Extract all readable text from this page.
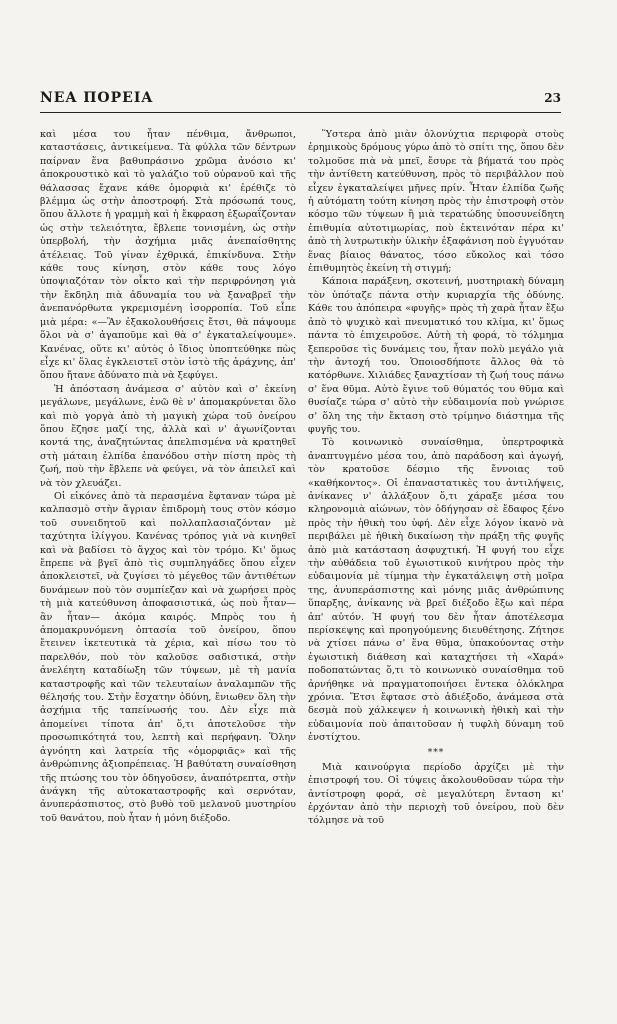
ΝΕΑ ΠΟΡΕΙΑ	23

καὶ μέσα του ἦταν πένθιμα, ἄνθρωποι, καταστάσεις, ἀντικείμενα. Τὰ φύλλα τῶν δέντρων παίρναν ἕνα βαθυπράσινο χρῶμα ἀνόσιο κι' ἀποκρουστικὸ καὶ τὸ γαλάζιο τοῦ οὐρανοῦ καὶ τῆς θάλασσας ἔχανε κάθε ὁμορφιὰ κι' ἐρέθιζε τὸ βλέμμα ὡς στὴν ἀποστροφή. Στὰ πρόσωπά τους, ὅπου ἄλλοτε ἡ γραμμὴ καὶ ἡ ἔκφραση ἐξωραΐζονταν ὡς στὴν τελειότητα, ἔβλεπε τονισμένη, ὡς στὴν ὑπερβολή, τὴν ἀσχήμια μιᾶς ἀνεπαίσθητης ἀτέλειας. Τοῦ γίναν ἐχθρικά, ἐπικίνδυνα. Στὴν κάθε τους κίνηση, στὸν κάθε τους λόγο ὑποψιαζόταν τὸν οἶκτο καὶ τὴν περιφρόνηση γιὰ τὴν ἔκδηλη πιὰ ἀδυναμία του νὰ ξαναβρεῖ τὴν ἀνεπανόρθωτα γκρεμισμένη ἰσορροπία. Τοῦ εἶπε μιὰ μέρα: «—Ἂν ἐξακολουθήσεις ἔτσι, θὰ πάψουμε ὅλοι νὰ σ' ἀγαποῦμε καὶ θὰ σ' ἐγκαταλείψουμε». Κανένας, οὔτε κι' αὐτὸς ὁ ἴδιος ὑποπτεύθηκε πὼς εἶχε κι' ὅλας ἐγκλειστεῖ στὸν ἱστὸ τῆς ἀράχνης, ἀπ' ὅπου ἤτανε ἀδύνατο πιὰ νὰ ξεφύγει.

Ἡ ἀπόσταση ἀνάμεσα σ' αὐτὸν καὶ σ' ἐκείνη μεγάλωνε, μεγάλωνε, ἐνῶ θὲ ν' ἀπομακρύνεται ὅλο καὶ πιὸ γοργὰ ἀπὸ τὴ μαγικὴ χώρα τοῦ ὀνείρου ὅπου ἔζησε μαζί της, ἀλλὰ καὶ ν' ἀγωνίζονται κοντά της, ἀναζητώντας ἀπελπισμένα νὰ κρατηθεῖ στὴ μάταιη ἐλπίδα ἐπανόδου στὴν πίστη πρὸς τὴ ζωή, ποὺ τὴν ἔβλεπε νὰ φεύγει, νὰ τὸν ἀπειλεῖ καὶ νὰ τὸν χλευάζει.

Οἱ εἰκόνες ἀπὸ τὰ περασμένα ἔφταναν τώρα μὲ καλπασμὸ στὴν ἄγριαν ἐπιδρομὴ τους στὸν κόσμο τοῦ συνειδητοῦ καὶ πολλαπλασιαζόνταν μὲ ταχύτητα ἰλίγγου. Κανένας τρόπος γιὰ νὰ κινηθεῖ καὶ νὰ βαδίσει τὸ ἄγχος καὶ τὸν τρόμο. Κι' ὅμως ἔπρεπε νὰ βγεῖ ἀπὸ τὶς συμπληγάδες ὅπου εἶχεν ἀποκλειστεῖ, νὰ ζυγίσει τὸ μέγεθος τῶν ἀντιθέτων δυνάμεων ποὺ τὸν συμπίεζαν καὶ νὰ χωρήσει πρὸς τὴ μιὰ κατεύθυνση ἀποφασιστικά, ὡς ποὺ ἦταν— ἂν ἦταν— ἀκόμα καιρός. Μπρὸς του ἡ ἀπομακρυνόμενη ὀπτασία τοῦ ὀνείρου, ὅπου ἔτεινεν ἱκετευτικὰ τὰ χέρια, καὶ πίσω του τὸ παρελθόν, ποὺ τὸν καλοῦσε σαδιστικά, στὴν ἀνελέητη καταδίωξη τῶν τύψεων, μὲ τὴ μανία καταστροφῆς καὶ τῶν τελευταίων ἀναλαμπῶν τῆς θέλησής του. Στὴν ἔσχατην ὀδύνη, ἔνιωθεν ὅλη τὴν ἀσχήμια τῆς ταπείνωσής του. Δὲν εἶχε πιὰ ἀπομείνει τίποτα ἀπ' ὅ,τι ἀποτελοῦσε τὴν προσωπικότητά του, λεπτὴ καὶ περήφανη. Ὅλην ἀγνόητη καὶ λατρεία τῆς «ὁμορφιᾶς» καὶ τῆς ἀνθρώπινης ἀξιοπρέπειας. Ἡ βαθύτατη συναίσθηση τῆς πτώσης του τὸν ὁδηγοῦσεν, ἀναπότρεπτα, στὴν ἀνάγκη τῆς αὐτοκαταστροφῆς καὶ σερνόταν, ἀνυπεράσπιστος, στὸ βυθὸ τοῦ μελανοῦ μυστηρίου τοῦ θανάτου, ποὺ ἦταν ἡ μόνη διέξοδο.

Ὕστερα ἀπὸ μιὰν ὁλονύχτια περιφορὰ στοὺς ἐρημικοὺς δρόμους γύρω ἀπὸ τὸ σπίτι της, ὅπου δὲν τολμοῦσε πιὰ νὰ μπεῖ, ἔσυρε τὰ βήματά του πρὸς τὴν ἀντίθετη κατεύθυνση, πρὸς τὸ περιβάλλον ποὺ εἶχεν ἐγκαταλείψει μῆνες πρίν. Ἦταν ἐλπίδα ζωῆς ἡ αὐτόματη τούτη κίνηση πρὸς τὴν ἐπιστροφὴ στὸν κόσμο τῶν τύψεων ἢ μιὰ τερατώδης ὑποσυνείδητη ἐπιθυμία αὐτοτιμωρίας, ποὺ ἐκτεινόταν πέρα κι' ἀπὸ τὴ λυτρωτικὴν ὑλικὴν ἐξαφάνιση ποὺ ἐγγυόταν ἕνας βίαιος θάνατος, τόσο εὔκολος καὶ τόσο ἐπιθυμητὸς ἐκείνη τὴ στιγμή;

Κάποια παράξενη, σκοτεινή, μυστηριακὴ δύναμη τὸν ὑπόταζε πάντα στὴν κυριαρχία τῆς ὀδύνης. Κάθε του ἀπόπειρα «φυγῆς» πρὸς τὴ χαρὰ ἦταν ἔξω ἀπὸ τὸ ψυχικὸ καὶ πνευματικό του κλίμα, κι' ὅμως πάντα τὸ ἐπιχειροῦσε. Αὐτὴ τὴ φορά, τὸ τόλμημα ξεπεροῦσε τὶς δυνάμεις του, ἦταν πολὺ μεγάλο γιὰ τὴν ἀντοχή του. Ὁποιοσδήποτε ἄλλος θὰ τὸ κατόρθωνε. Χιλιάδες ξαναχτίσαν τὴ ζωή τους πάνω σ' ἕνα θῦμα. Αὐτὸ ἔγινε τοῦ θύματός του θῦμα καὶ θυσίαζε τώρα σ' αὐτὸ τὴν εὐδαιμονία ποὺ γνώρισε σ' ὅλη της τὴν ἔκταση στὸ τρίμηνο διάστημα τῆς φυγῆς του.

Τὸ κοινωνικὸ συναίσθημα, ὑπερτροφικὰ ἀναπτυγμένο μέσα του, ἀπὸ παράδοση καὶ ἀγωγή, τὸν κρατοῦσε δέσμιο τῆς ἔννοιας τοῦ «καθήκοντος». Οἱ ἐπαναστατικὲς του ἀντιλήψεις, ἀνίκανες ν' ἀλλάξουν ὅ,τι χάραξε μέσα του κληρονομιὰ αἰώνων, τὸν ὁδήγησαν σὲ ἔδαφος ξένο πρὸς τὴν ἠθικὴ του ὑφή. Δὲν εἶχε λόγον ἱκανὸ νὰ περιβάλει μὲ ἠθικὴ δικαίωση τὴν πράξη τῆς φυγῆς ἀπὸ μιὰ κατάσταση ἀσφυχτική. Ἡ φυγή του εἶχε τὴν αὐθάδεια τοῦ ἐγωιστικοῦ κινήτρου πρὸς τὴν εὐδαιμονία μὲ τίμημα τὴν ἐγκατάλειψη στὴ μοῖρα της, ἀνυπεράσπιστης καὶ μόνης μιᾶς ἀνθρώπινης ὕπαρξης, ἀνίκανης νὰ βρεῖ διέξοδο ἔξω καὶ πέρα ἀπ' αὐτόν. Ἡ φυγή του δὲν ἦταν ἀποτέλεσμα περίσκεψης καὶ προηγούμενης διευθέτησης. Ζήτησε νὰ χτίσει πάνω σ' ἕνα θῦμα, ὑπακούοντας στὴν ἐγωιστικὴ διάθεση καὶ καταχτήσει τὴ «Χαρά» ποδοπατώντας ὅ,τι τὸ κοινωνικὸ συναίσθημα τοῦ ἀρνήθηκε νὰ πραγματοποιήσει ἔντεκα ὁλόκληρα χρόνια. Ἔτσι ἔφτασε στὸ ἀδιέξοδο, ἀνάμεσα στὰ δεσμὰ ποὺ χάλκεψεν ἡ κοινωνικὴ ἠθικὴ καὶ τὴν εὐδαιμονία ποὺ ἀπαιτοῦσαν ἡ τυφλὴ δύναμη τοῦ ἐνστίχτου.

***

Μιὰ καινούργια περίοδο ἀρχίζει μὲ τὴν ἐπιστροφή του. Οἱ τύψεις ἀκολουθοῦσαν τώρα τὴν ἀντίστροφη φορά, σὲ μεγαλύτερη ἔνταση κι' ἐρχόνταν ἀπὸ τὴν περιοχὴ τοῦ ὀνείρου, ποὺ δὲν τόλμησε νὰ τοῦ
